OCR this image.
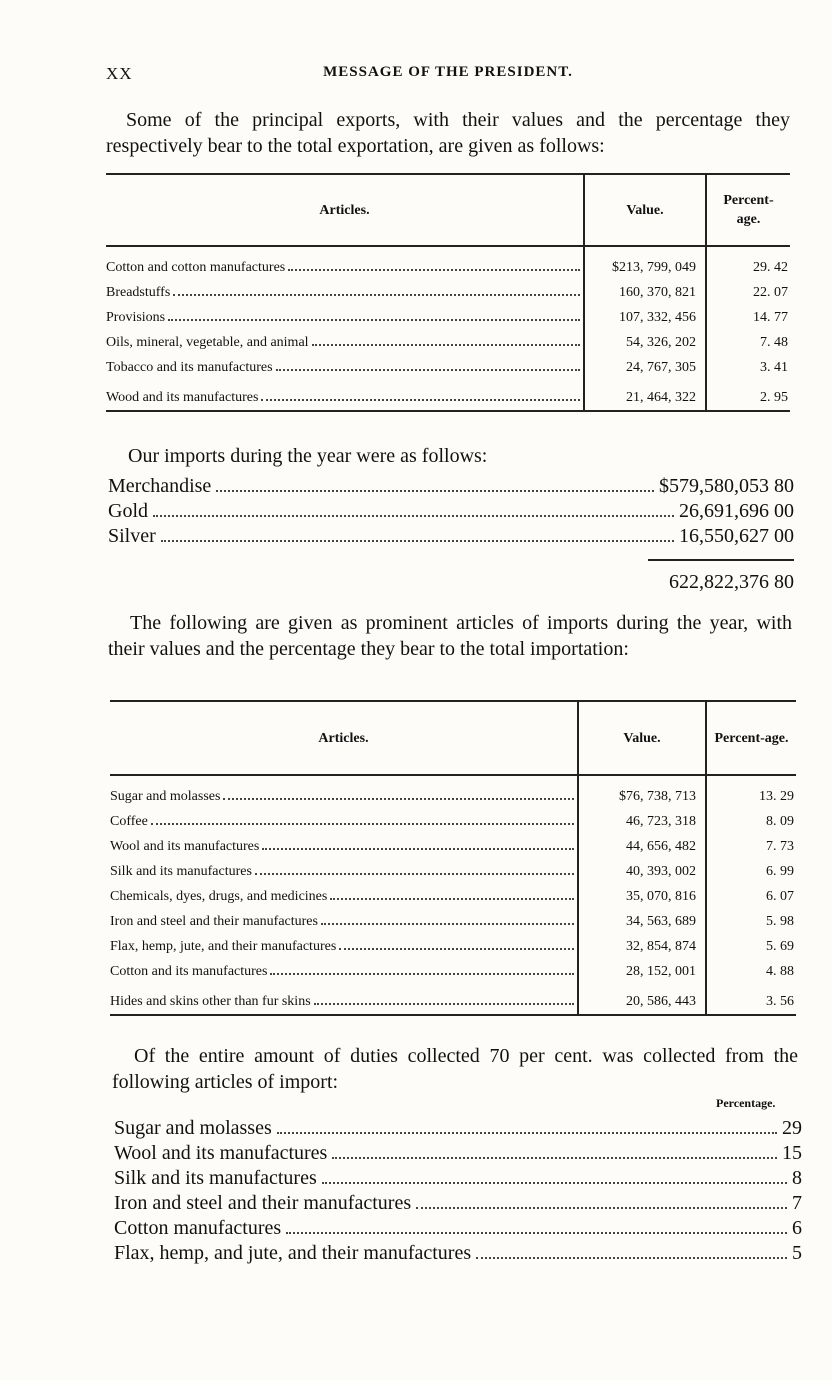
XX	MESSAGE OF THE PRESIDENT.

Some of the principal exports, with their values and the percentage they respectively bear to the total exportation, are given as follows:

Articles.	Value.	Percent-age.

Cotton and cotton manufactures	$213, 799, 049	29. 42

Breadstuffs	160, 370, 821	22. 07

Provisions	107, 332, 456	14. 77

Oils, mineral, vegetable, and animal	54, 326, 202	7. 48

Tobacco and its manufactures	24, 767, 305	3. 41

Wood and its manufactures	21, 464, 322	2. 95

Our imports during the year were as follows:

Merchandise	$579,580,053 80
Gold	26,691,696 00
Silver	16,550,627 00
622,822,376 80

The following are given as prominent articles of imports during the year, with their values and the percentage they bear to the total importation:

Articles.	Value.	Percent-age.

Sugar and molasses	$76, 738, 713	13. 29

Coffee	46, 723, 318	8. 09

Wool and its manufactures	44, 656, 482	7. 73

Silk and its manufactures	40, 393, 002	6. 99

Chemicals, dyes, drugs, and medicines	35, 070, 816	6. 07

Iron and steel and their manufactures	34, 563, 689	5. 98

Flax, hemp, jute, and their manufactures	32, 854, 874	5. 69

Cotton and its manufactures	28, 152, 001	4. 88

Hides and skins other than fur skins	20, 586, 443	3. 56

Of the entire amount of duties collected 70 per cent. was collected from the following articles of import:

Percentage.
Sugar and molasses	29
Wool and its manufactures	15
Silk and its manufactures	8
Iron and steel and their manufactures	7
Cotton manufactures	6
Flax, hemp, and jute, and their manufactures	5
